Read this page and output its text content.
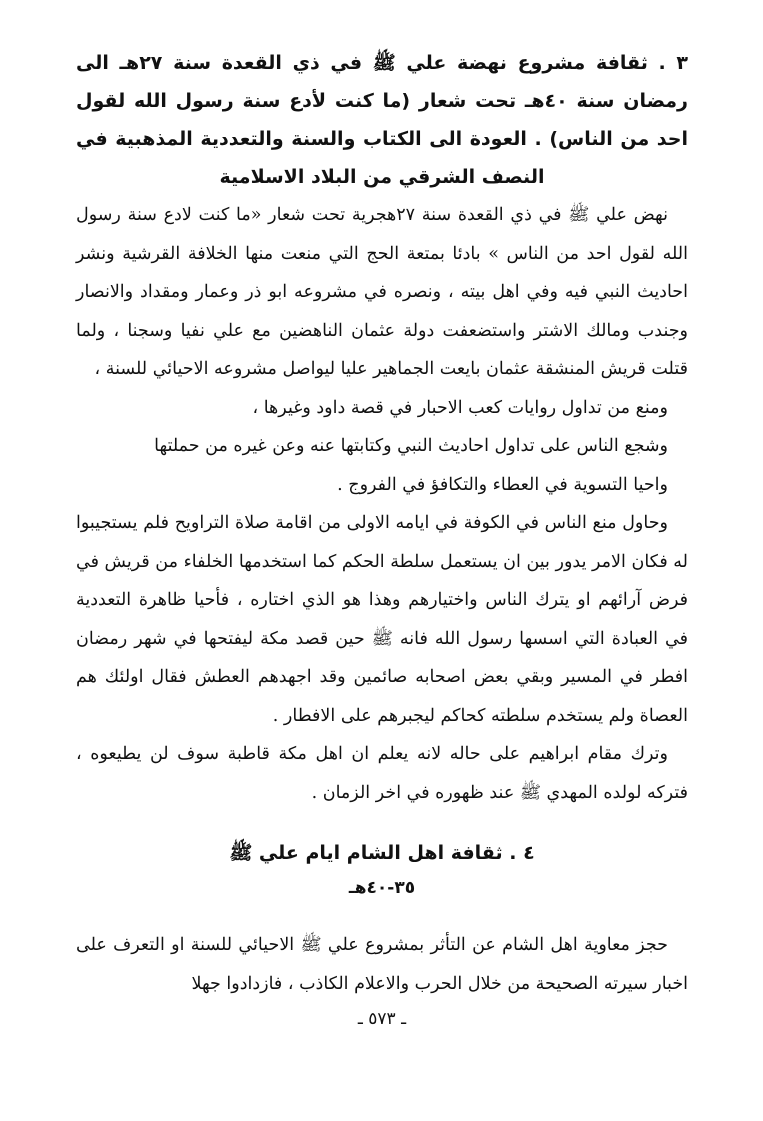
٣ . ثقافة مشروع نهضة علي ﷺ في ذي القعدة سنة ٢٧هـ الى رمضان سنة ٤٠هـ تحت شعار (ما كنت لأدع سنة رسول الله لقول احد من الناس) . العودة الى الكتاب والسنة والتعددية المذهبية في النصف الشرقي من البلاد الاسلامية

نهض علي ﷺ في ذي القعدة سنة ٢٧هجرية تحت شعار «ما كنت لادع سنة رسول الله لقول احد من الناس » بادئا بمتعة الحج التي منعت منها الخلافة القرشية ونشر احاديث النبي فيه وفي اهل بيته ، ونصره في مشروعه ابو ذر وعمار ومقداد والانصار وجندب ومالك الاشتر واستضعفت دولة عثمان الناهضين مع علي نفيا وسجنا ، ولما قتلت قريش المنشقة عثمان بايعت الجماهير عليا ليواصل مشروعه الاحيائي للسنة ،

ومنع من تداول روايات كعب الاحبار في قصة داود وغيرها ،

وشجع الناس على تداول احاديث النبي وكتابتها عنه وعن غيره من حملتها

واحيا التسوية في العطاء والتكافؤ في الفروج .

وحاول منع الناس في الكوفة في ايامه الاولى من اقامة صلاة التراويح فلم يستجيبوا له فكان الامر يدور بين ان يستعمل سلطة الحكم كما استخدمها الخلفاء من قريش في فرض آرائهم او يترك الناس واختيارهم وهذا هو الذي اختاره ، فأحيا ظاهرة التعددية في العبادة التي اسسها رسول الله فانه ﷺ حين قصد مكة ليفتحها في شهر رمضان افطر في المسير وبقي بعض اصحابه صائمين وقد اجهدهم العطش فقال اولئك هم العصاة ولم يستخدم سلطته كحاكم ليجبرهم على الافطار .

وترك مقام ابراهيم على حاله لانه يعلم ان اهل مكة قاطبة سوف لن يطيعوه ، فتركه لولده المهدي ﷺ عند ظهوره في اخر الزمان .

٤ . ثقافة اهل الشام ايام علي ﷺ

٣٥-٤٠هـ

حجز معاوية اهل الشام عن التأثر بمشروع علي ﷺ الاحيائي للسنة او التعرف على اخبار سيرته الصحيحة من خلال الحرب والاعلام الكاذب ، فازدادوا جهلا

ـ ٥٧٣ ـ
